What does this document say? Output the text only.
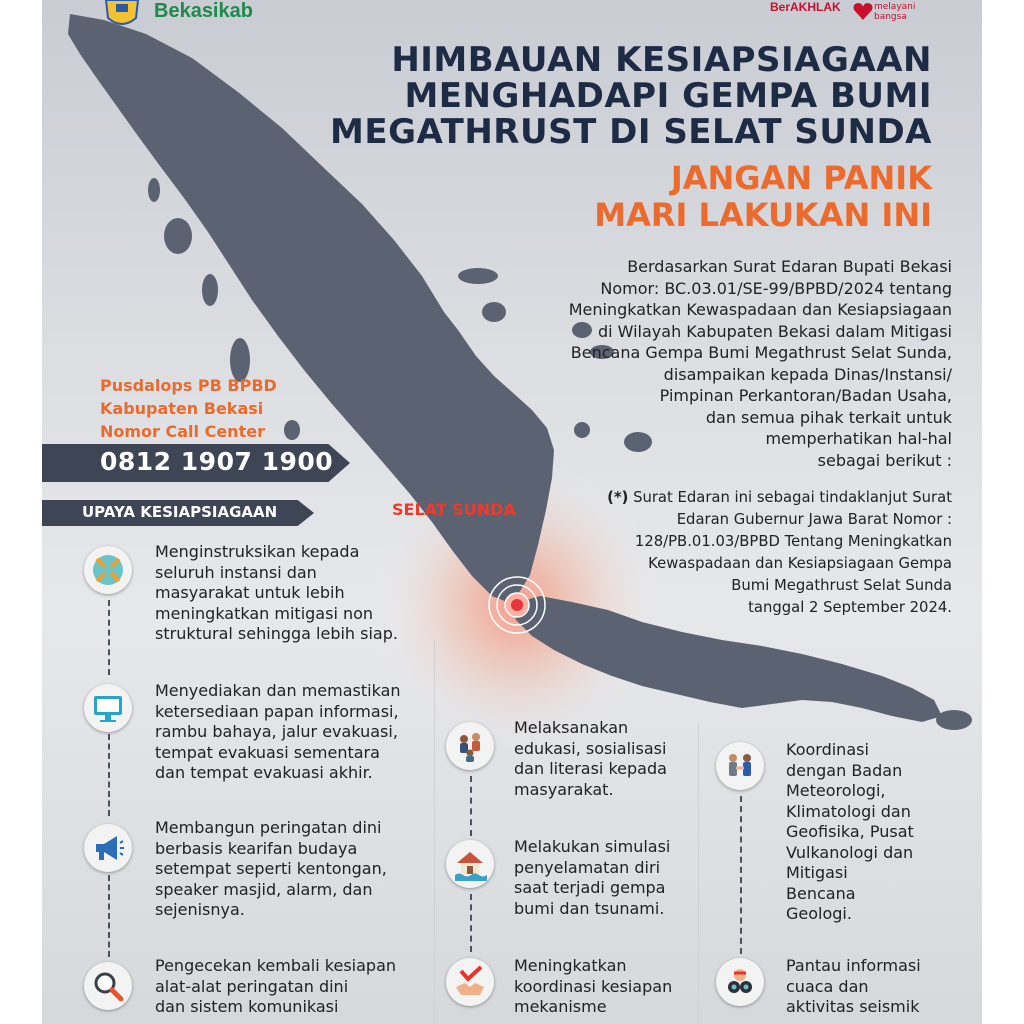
Bekasikab	BerAKHLAK	melayani bangsa
HIMBAUAN KESIAPSIAGAAN
MENGHADAPI GEMPA BUMI
MEGATHRUST DI SELAT SUNDA
JANGAN PANIK
MARI LAKUKAN INI
Berdasarkan Surat Edaran Bupati Bekasi
Nomor: BC.03.01/SE-99/BPBD/2024 tentang
Meningkatkan Kewaspadaan dan Kesiapsiagaan
di Wilayah Kabupaten Bekasi dalam Mitigasi
Bencana Gempa Bumi Megathrust Selat Sunda,
disampaikan kepada Dinas/Instansi/
Pimpinan Perkantoran/Badan Usaha,
dan semua pihak terkait untuk
memperhatikan hal-hal
sebagai berikut :
(*) Surat Edaran ini sebagai tindaklanjut Surat
Edaran Gubernur Jawa Barat Nomor :
128/PB.01.03/BPBD Tentang Meningkatkan
Kewaspadaan dan Kesiapsiagaan Gempa
Bumi Megathrust Selat Sunda
tanggal 2 September 2024.
SELAT SUNDA
Pusdalops PB BPBD
Kabupaten Bekasi
Nomor Call Center
0812 1907 1900
UPAYA KESIAPSIAGAAN
Menginstruksikan kepada
seluruh instansi dan
masyarakat untuk lebih
meningkatkan mitigasi non
struktural sehingga lebih siap.
Menyediakan dan memastikan
ketersediaan papan informasi,
rambu bahaya, jalur evakuasi,
tempat evakuasi sementara
dan tempat evakuasi akhir.
Membangun peringatan dini
berbasis kearifan budaya
setempat seperti kentongan,
speaker masjid, alarm, dan
sejenisnya.
Pengecekan kembali kesiapan
alat-alat peringatan dini
dan sistem komunikasi
Melaksanakan
edukasi, sosialisasi
dan literasi kepada
masyarakat.
Melakukan simulasi
penyelamatan diri
saat terjadi gempa
bumi dan tsunami.
Meningkatkan
koordinasi kesiapan
mekanisme
Koordinasi
dengan Badan
Meteorologi,
Klimatologi dan
Geofisika, Pusat
Vulkanologi dan
Mitigasi
Bencana
Geologi.
Pantau informasi
cuaca dan
aktivitas seismik
